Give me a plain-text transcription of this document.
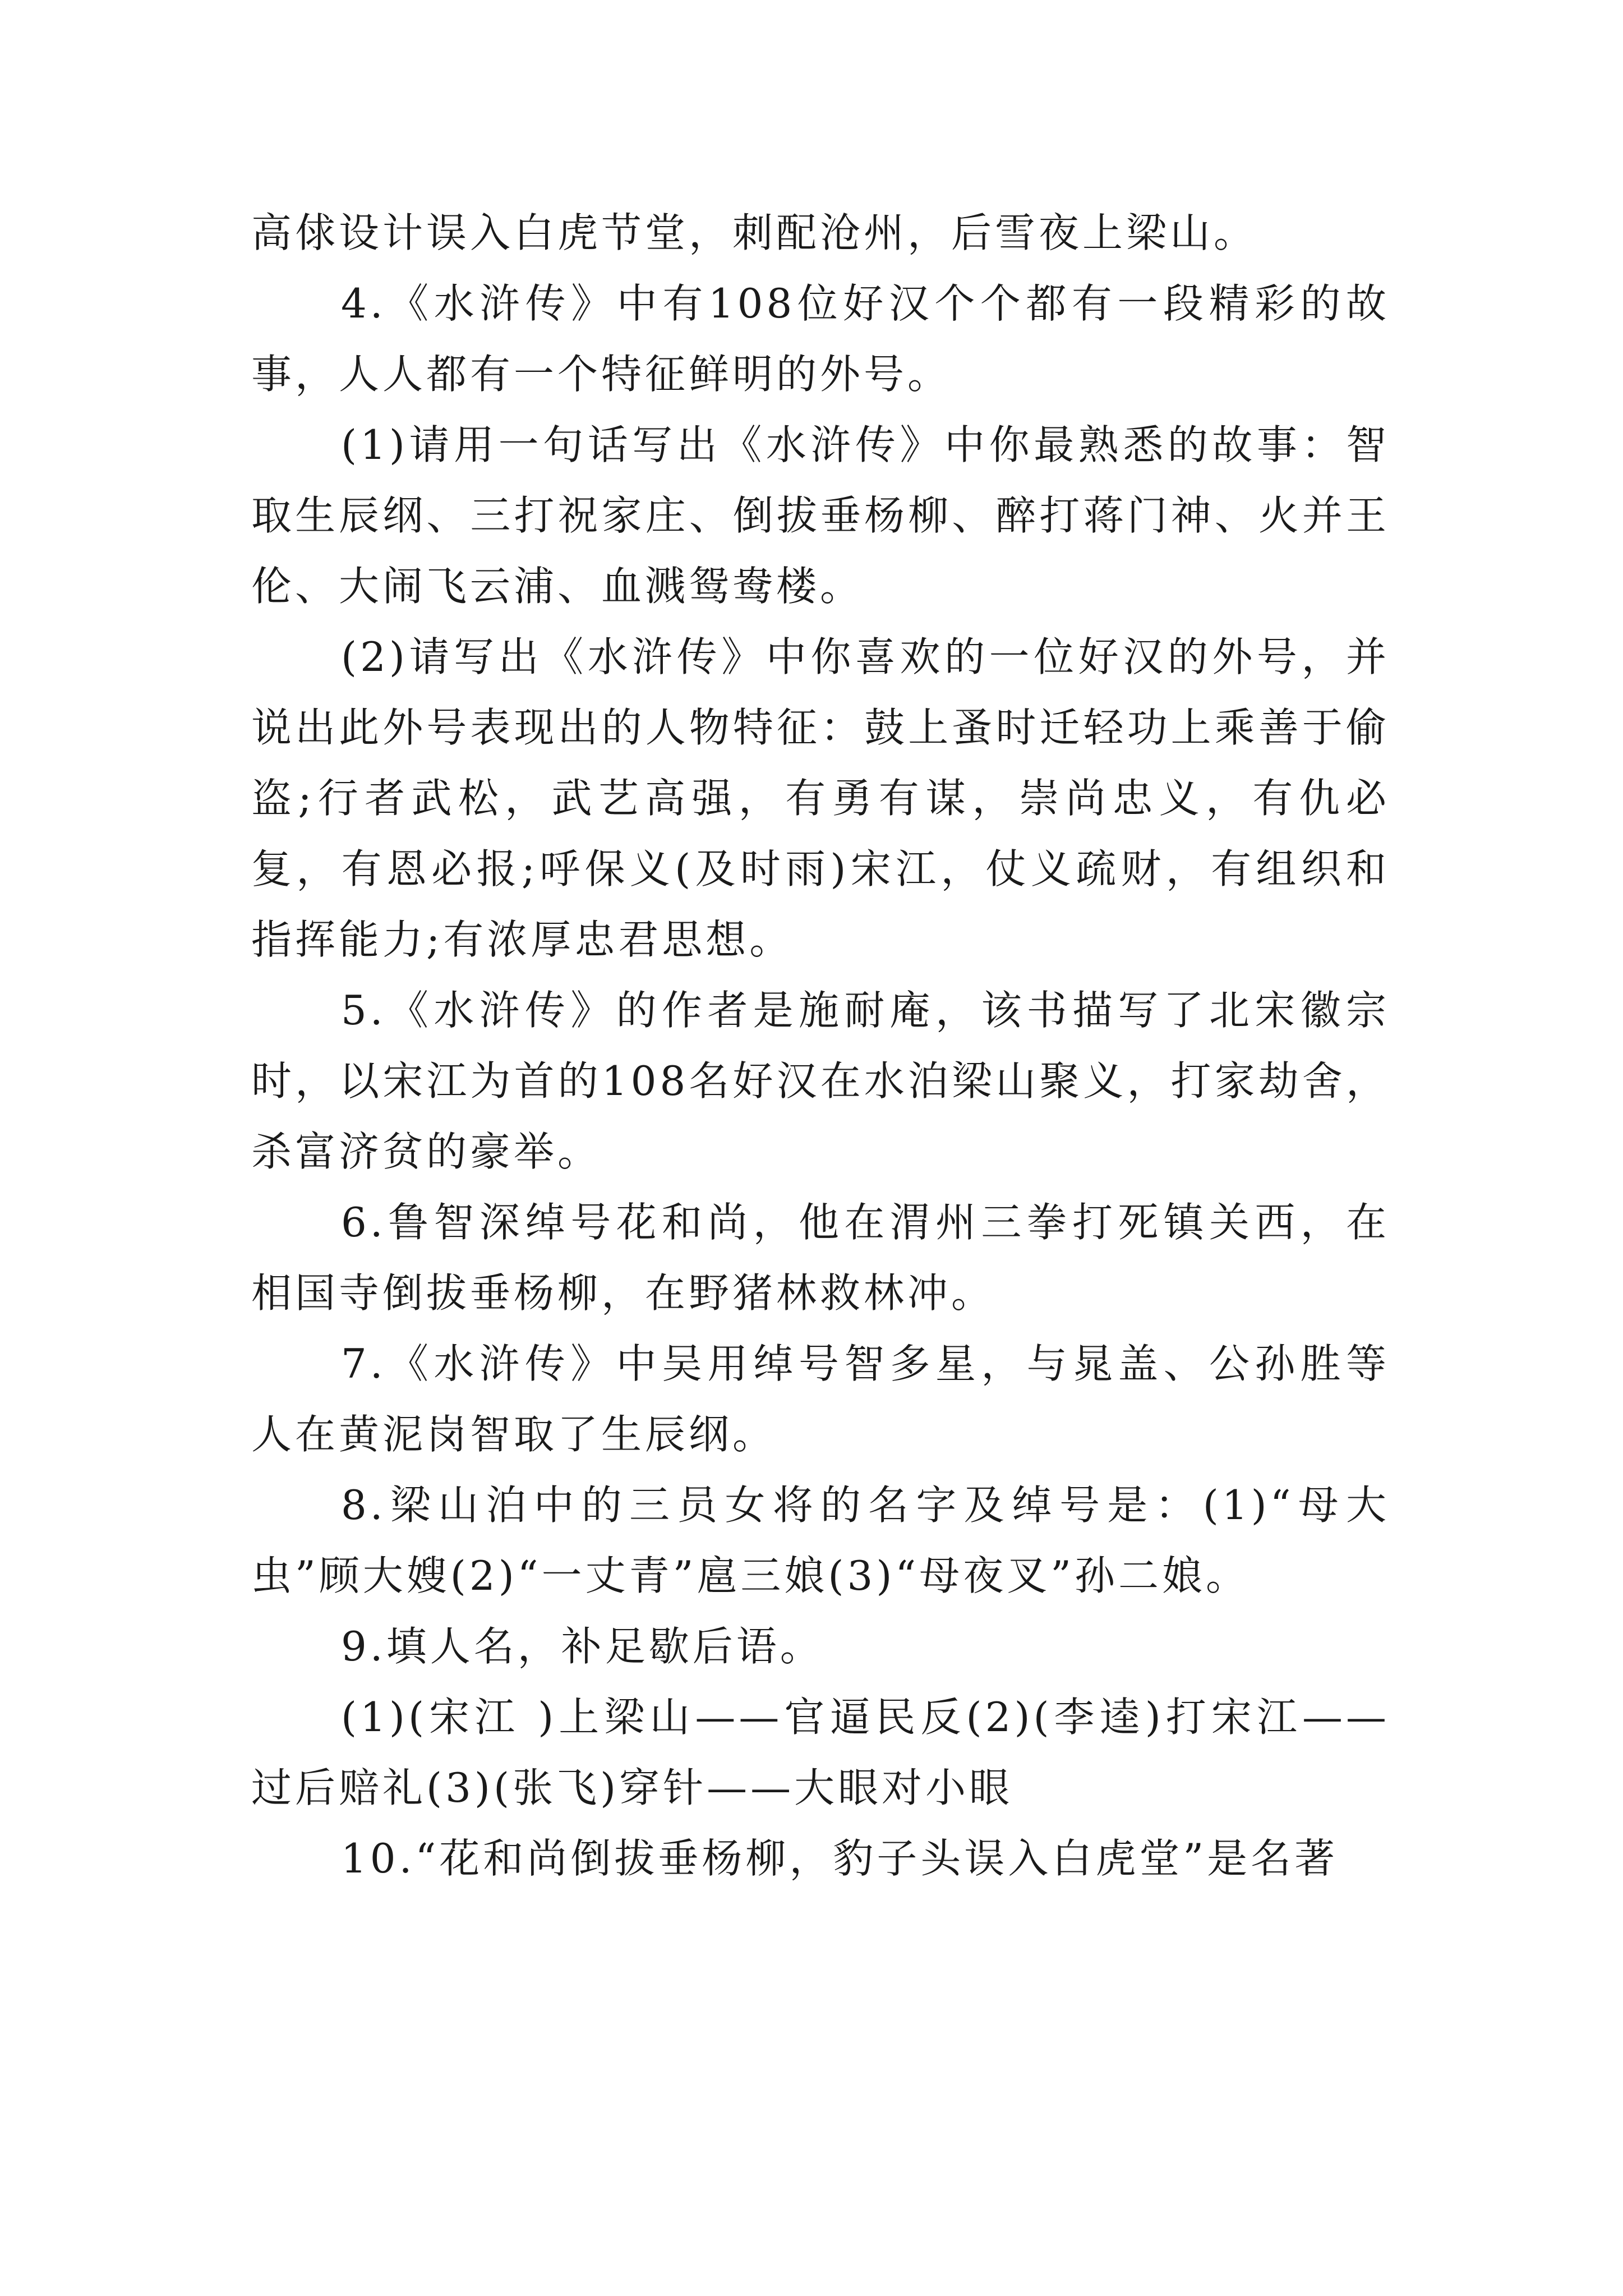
高俅设计误入白虎节堂，刺配沧州，后雪夜上梁山。

4.《水浒传》中有108位好汉个个都有一段精彩的故事，人人都有一个特征鲜明的外号。

(1)请用一句话写出《水浒传》中你最熟悉的故事：智取生辰纲、三打祝家庄、倒拔垂杨柳、醉打蒋门神、火并王伦、大闹飞云浦、血溅鸳鸯楼。

(2)请写出《水浒传》中你喜欢的一位好汉的外号，并说出此外号表现出的人物特征：鼓上蚤时迁轻功上乘善于偷盗;行者武松，武艺高强，有勇有谋，崇尚忠义，有仇必复，有恩必报;呼保义(及时雨)宋江，仗义疏财，有组织和指挥能力;有浓厚忠君思想。

5.《水浒传》的作者是施耐庵，该书描写了北宋徽宗时，以宋江为首的108名好汉在水泊梁山聚义，打家劫舍，杀富济贫的豪举。

6.鲁智深绰号花和尚，他在渭州三拳打死镇关西，在相国寺倒拔垂杨柳，在野猪林救林冲。

7.《水浒传》中吴用绰号智多星，与晁盖、公孙胜等人在黄泥岗智取了生辰纲。

8.梁山泊中的三员女将的名字及绰号是：(1)“母大虫”顾大嫂(2)“一丈青”扈三娘(3)“母夜叉”孙二娘。

9.填人名，补足歇后语。

(1)(宋江 )上梁山——官逼民反(2)(李逵)打宋江——过后赔礼(3)(张飞)穿针——大眼对小眼

10.“花和尚倒拔垂杨柳，豹子头误入白虎堂”是名著
